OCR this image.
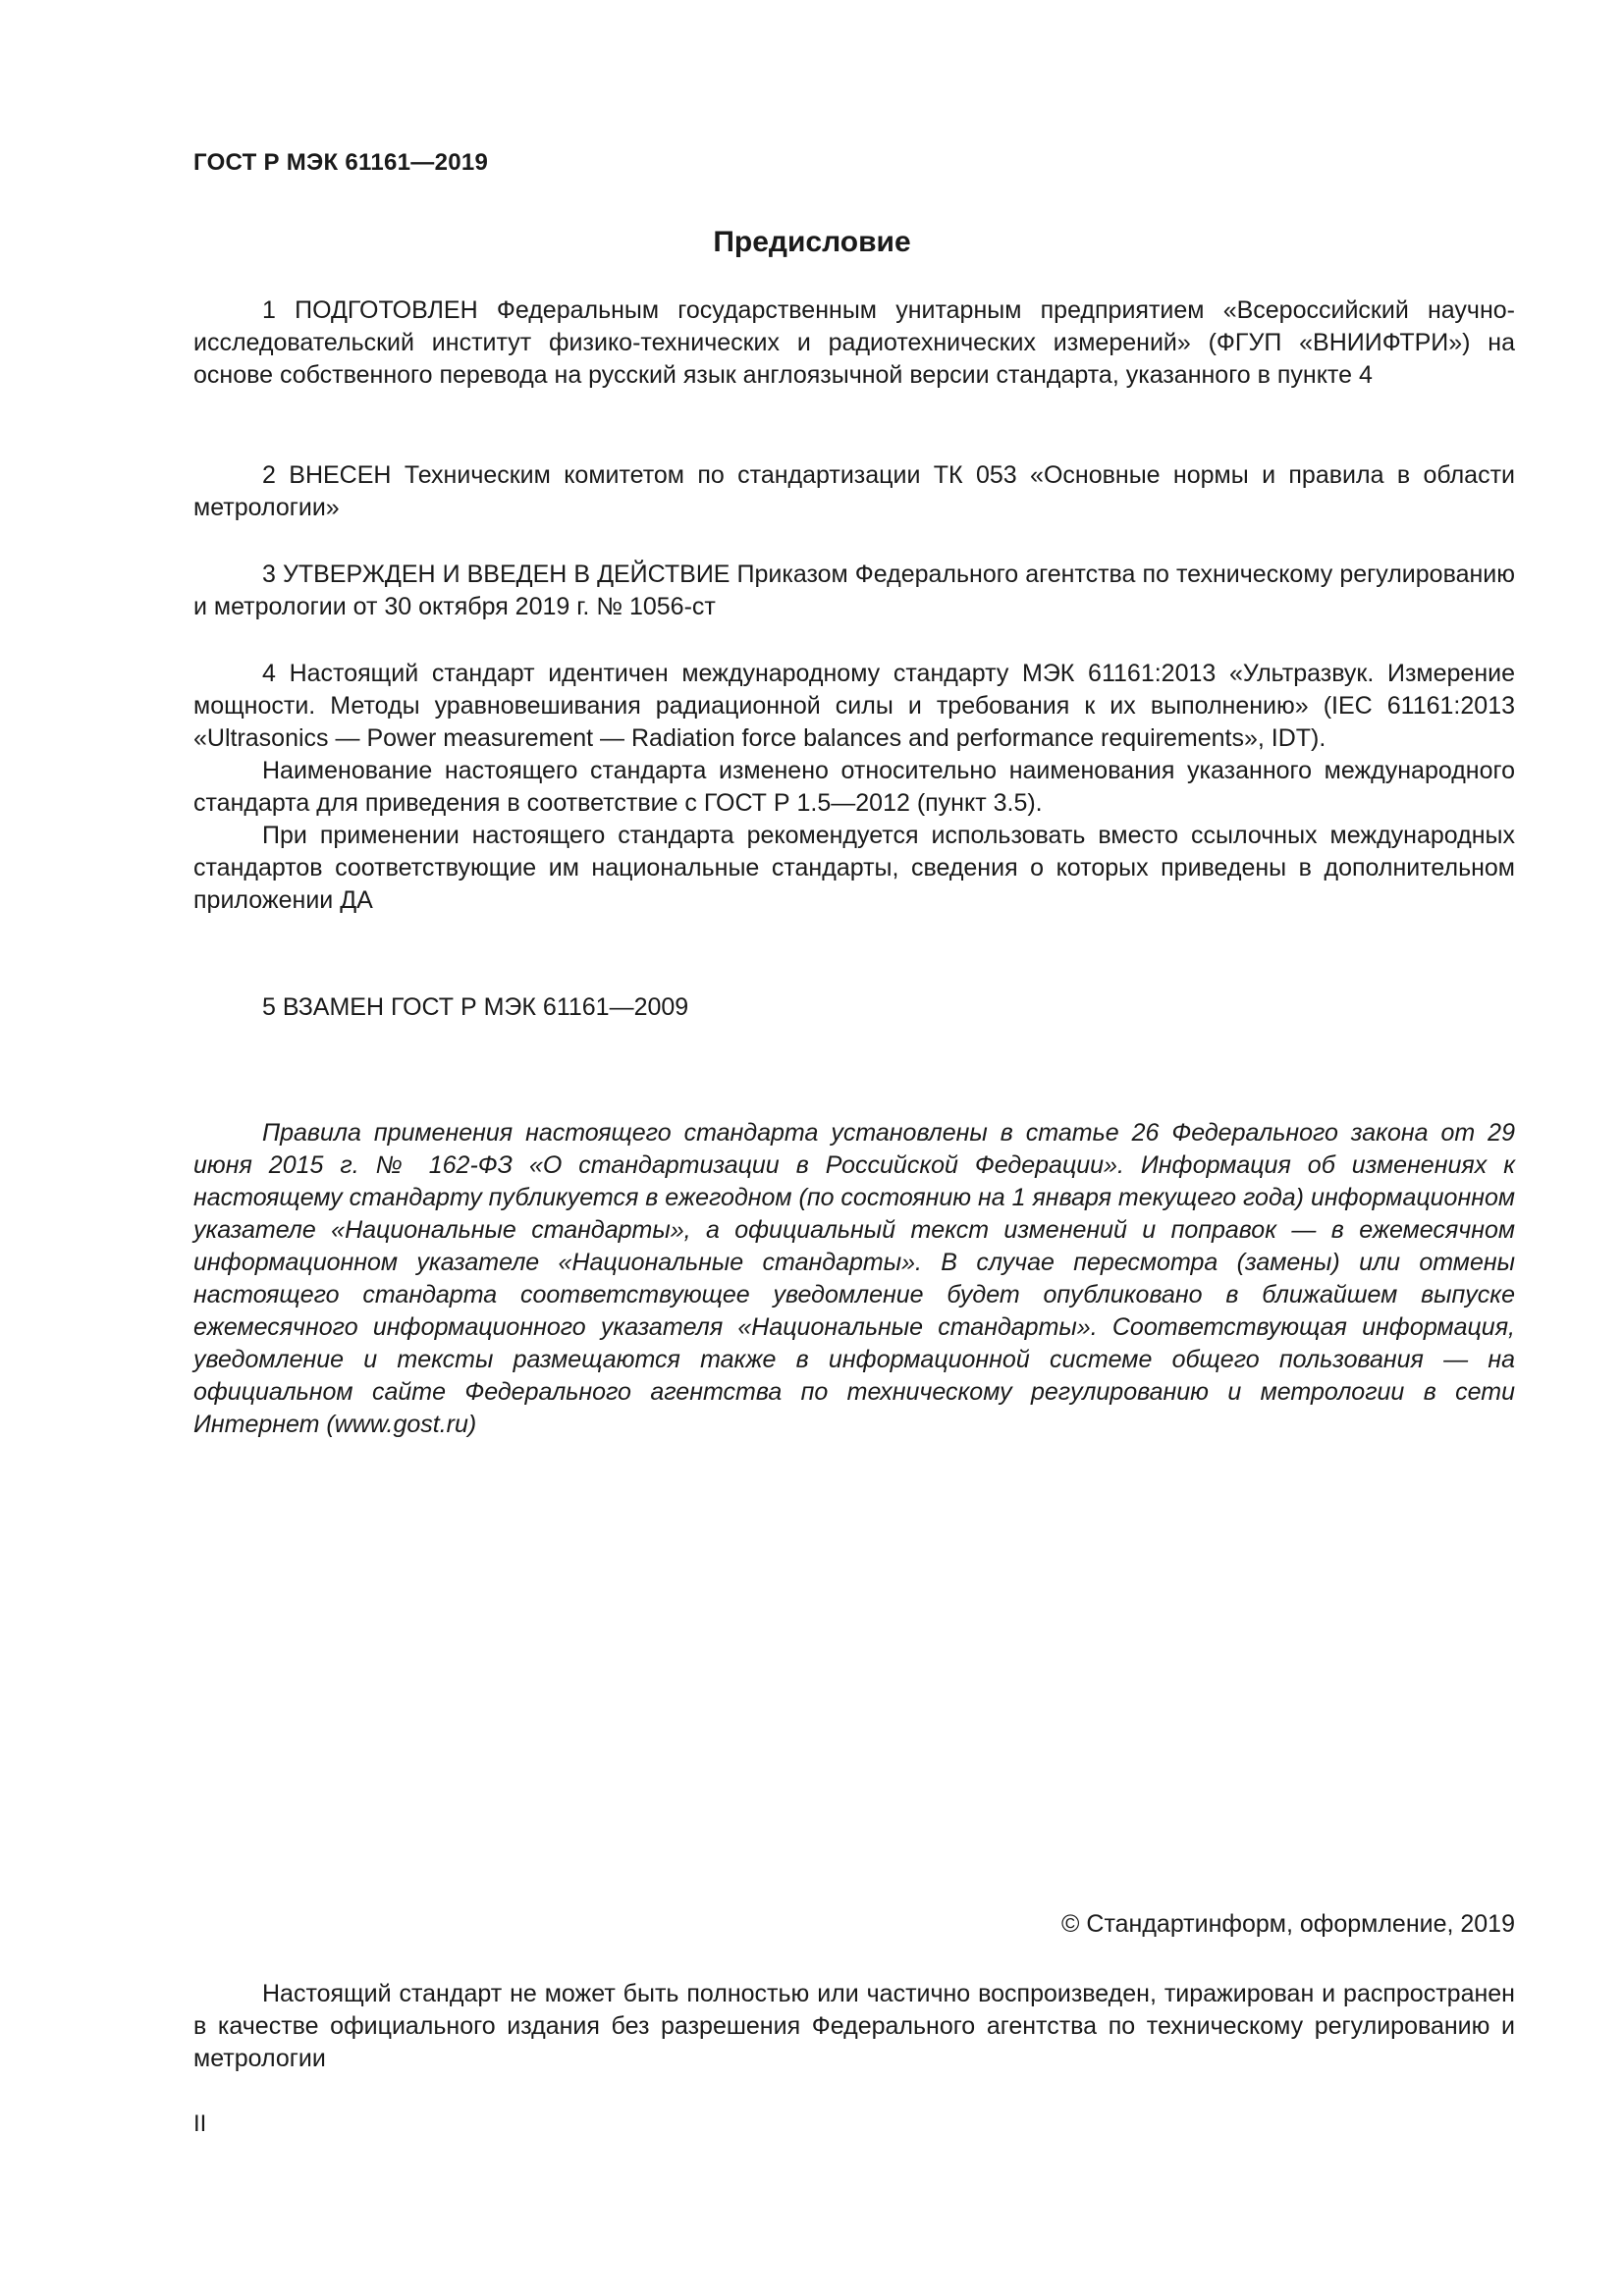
ГОСТ Р МЭК 61161—2019
Предисловие

1 ПОДГОТОВЛЕН Федеральным государственным унитарным предприятием «Всероссийский научно-исследовательский институт физико-технических и радиотехнических измерений» (ФГУП «ВНИИФТРИ») на основе собственного перевода на русский язык англоязычной версии стандарта, указанного в пункте 4

2 ВНЕСЕН Техническим комитетом по стандартизации ТК 053 «Основные нормы и правила в области метрологии»

3 УТВЕРЖДЕН И ВВЕДЕН В ДЕЙСТВИЕ Приказом Федерального агентства по техническому регулированию и метрологии от 30 октября 2019 г. № 1056-ст

4 Настоящий стандарт идентичен международному стандарту МЭК 61161:2013 «Ультразвук. Измерение мощности. Методы уравновешивания радиационной силы и требования к их выполнению» (IEC 61161:2013 «Ultrasonics — Power measurement — Radiation force balances and performance requirements», IDT).

Наименование настоящего стандарта изменено относительно наименования указанного международного стандарта для приведения в соответствие с ГОСТ Р 1.5—2012 (пункт 3.5).

При применении настоящего стандарта рекомендуется использовать вместо ссылочных международных стандартов соответствующие им национальные стандарты, сведения о которых приведены в дополнительном приложении ДА

5 ВЗАМЕН ГОСТ Р МЭК 61161—2009

Правила применения настоящего стандарта установлены в статье 26 Федерального закона от 29 июня 2015 г. № 162-ФЗ «О стандартизации в Российской Федерации». Информация об изменениях к настоящему стандарту публикуется в ежегодном (по состоянию на 1 января текущего года) информационном указателе «Национальные стандарты», а официальный текст изменений и поправок — в ежемесячном информационном указателе «Национальные стандарты». В случае пересмотра (замены) или отмены настоящего стандарта соответствующее уведомление будет опубликовано в ближайшем выпуске ежемесячного информационного указателя «Национальные стандарты». Соответствующая информация, уведомление и тексты размещаются также в информационной системе общего пользования — на официальном сайте Федерального агентства по техническому регулированию и метрологии в сети Интернет (www.gost.ru)

© Стандартинформ, оформление, 2019

Настоящий стандарт не может быть полностью или частично воспроизведен, тиражирован и распространен в качестве официального издания без разрешения Федерального агентства по техническому регулированию и метрологии

II
